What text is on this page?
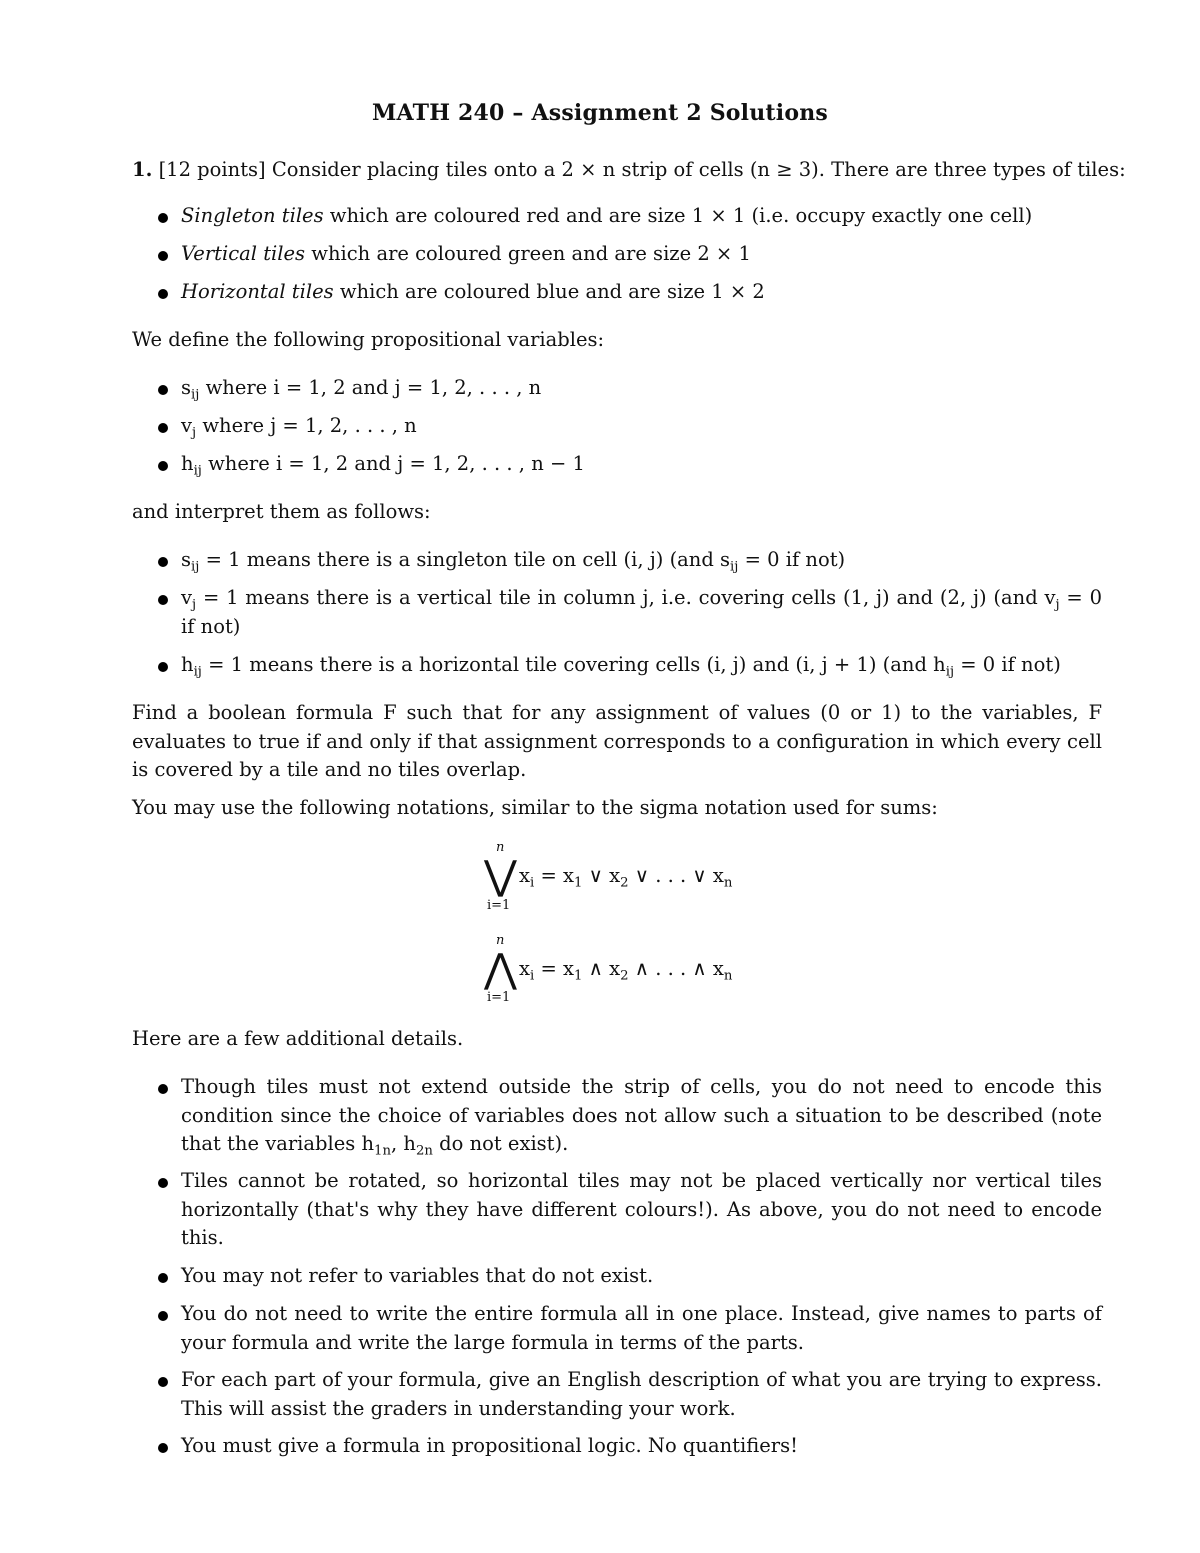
MATH 240 – Assignment 2 Solutions
1. [12 points] Consider placing tiles onto a 2 × n strip of cells (n ≥ 3). There are three types of tiles:
Singleton tiles which are coloured red and are size 1 × 1 (i.e. occupy exactly one cell)
Vertical tiles which are coloured green and are size 2 × 1
Horizontal tiles which are coloured blue and are size 1 × 2
We define the following propositional variables:
$s_{ij}$ where i = 1, 2 and j = 1, 2, . . . , n
$v_j$ where j = 1, 2, . . . , n
$h_{ij}$ where i = 1, 2 and j = 1, 2, . . . , n − 1
and interpret them as follows:
$s_{ij} = 1$ means there is a singleton tile on cell (i, j) (and $s_{ij} = 0$ if not)
$v_j = 1$ means there is a vertical tile in column j, i.e. covering cells (1, j) and (2, j) (and $v_j = 0$ if not)
$h_{ij} = 1$ means there is a horizontal tile covering cells (i, j) and (i, j + 1) (and $h_{ij} = 0$ if not)
Find a boolean formula F such that for any assignment of values (0 or 1) to the variables, F evaluates to true if and only if that assignment corresponds to a configuration in which every cell is covered by a tile and no tiles overlap.
You may use the following notations, similar to the sigma notation used for sums:
n
⋁
i=1
$x_i = x_1$ ∨ $x_2$ ∨ . . . ∨ $x_n$
n
⋀
i=1
$x_i = x_1$ ∧ $x_2$ ∧ . . . ∧ $x_n$
Here are a few additional details.
Though tiles must not extend outside the strip of cells, you do not need to encode this condition since the choice of variables does not allow such a situation to be described (note that the variables $h_{1n}$, $h_{2n}$ do not exist).
Tiles cannot be rotated, so horizontal tiles may not be placed vertically nor vertical tiles horizontally (that's why they have different colours!). As above, you do not need to encode this.
You may not refer to variables that do not exist.
You do not need to write the entire formula all in one place. Instead, give names to parts of your formula and write the large formula in terms of the parts.
For each part of your formula, give an English description of what you are trying to express. This will assist the graders in understanding your work.
You must give a formula in propositional logic. No quantifiers!
